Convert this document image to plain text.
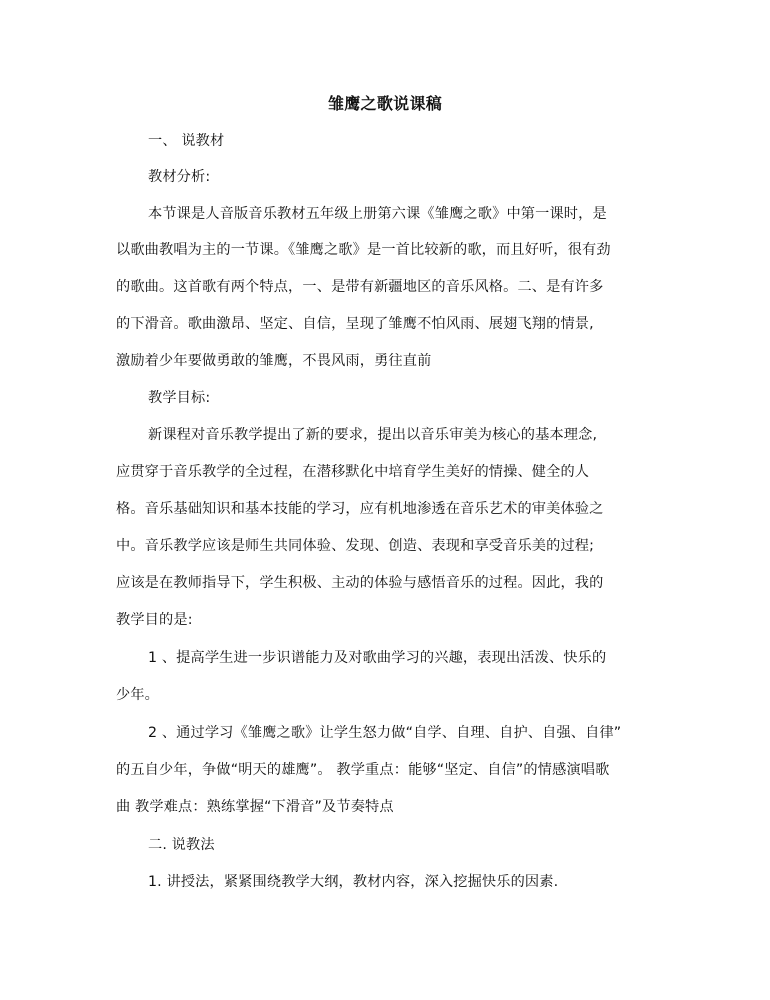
雏鹰之歌说课稿
一、 说教材
教材分析:
本节课是人音版音乐教材五年级上册第六课《雏鹰之歌》中第一课时，是
以歌曲教唱为主的一节课。《雏鹰之歌》是一首比较新的歌，而且好听，很有劲
的歌曲。这首歌有两个特点，一、是带有新疆地区的音乐风格。二、是有许多
的下滑音。歌曲激昂、坚定、自信，呈现了雏鹰不怕风雨、展翅飞翔的情景,
激励着少年要做勇敢的雏鹰，不畏风雨，勇往直前
教学目标:
新课程对音乐教学提出了新的要求，提出以音乐审美为核心的基本理念,
应贯穿于音乐教学的全过程，在潜移默化中培育学生美好的情操、健全的人
格。音乐基础知识和基本技能的学习，应有机地渗透在音乐艺术的审美体验之
中。音乐教学应该是师生共同体验、发现、创造、表现和享受音乐美的过程;
应该是在教师指导下，学生积极、主动的体验与感悟音乐的过程。因此，我的
教学目的是:
1 、提高学生进一步识谱能力及对歌曲学习的兴趣，表现出活泼、快乐的
少年。
2 、通过学习《雏鹰之歌》让学生怒力做“自学、自理、自护、自强、自律”
的五自少年，争做“明天的雄鹰”。 教学重点：能够“坚定、自信”的情感演唱歌
曲 教学难点：熟练掌握“下滑音”及节奏特点
二. 说教法
1. 讲授法，紧紧围绕教学大纲，教材内容，深入挖掘快乐的因素.
